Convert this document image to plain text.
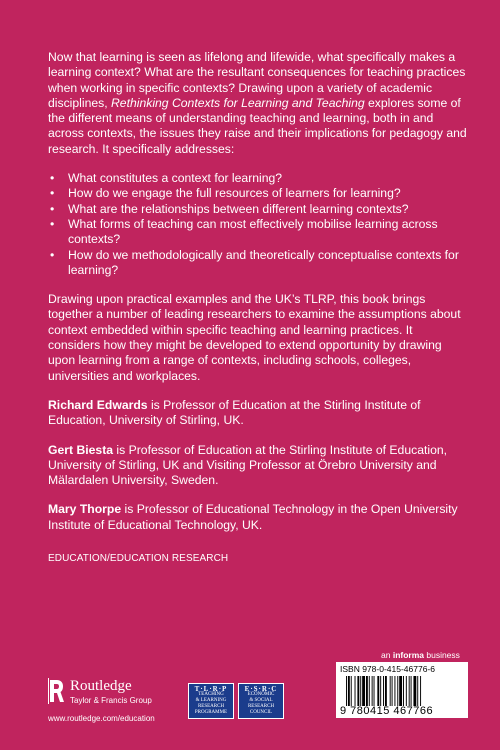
Now that learning is seen as lifelong and lifewide, what specifically makes a learning context? What are the resultant consequences for teaching practices when working in specific contexts? Drawing upon a variety of academic disciplines, Rethinking Contexts for Learning and Teaching explores some of the different means of understanding teaching and learning, both in and across contexts, the issues they raise and their implications for pedagogy and research. It specifically addresses:

• What constitutes a context for learning?
• How do we engage the full resources of learners for learning?
• What are the relationships between different learning contexts?
• What forms of teaching can most effectively mobilise learning across contexts?
• How do we methodologically and theoretically conceptualise contexts for learning?

Drawing upon practical examples and the UK’s TLRP, this book brings together a number of leading researchers to examine the assumptions about context embedded within specific teaching and learning practices. It considers how they might be developed to extend opportunity by drawing upon learning from a range of contexts, including schools, colleges, universities and workplaces.

Richard Edwards is Professor of Education at the Stirling Institute of Education, University of Stirling, UK.

Gert Biesta is Professor of Education at the Stirling Institute of Education, University of Stirling, UK and Visiting Professor at Örebro University and Mälardalen University, Sweden.

Mary Thorpe is Professor of Educational Technology in the Open University Institute of Educational Technology, UK.

EDUCATION/EDUCATION RESEARCH
Routledge
Taylor & Francis Group
www.routledge.com/education
T·L·R·P
TEACHING
& LEARNING
RESEARCH
PROGRAMME
E·S·R·C
ECONOMIC
& SOCIAL
RESEARCH
COUNCIL
an informa business
ISBN 978-0-415-46776-6
9 780415 467766
